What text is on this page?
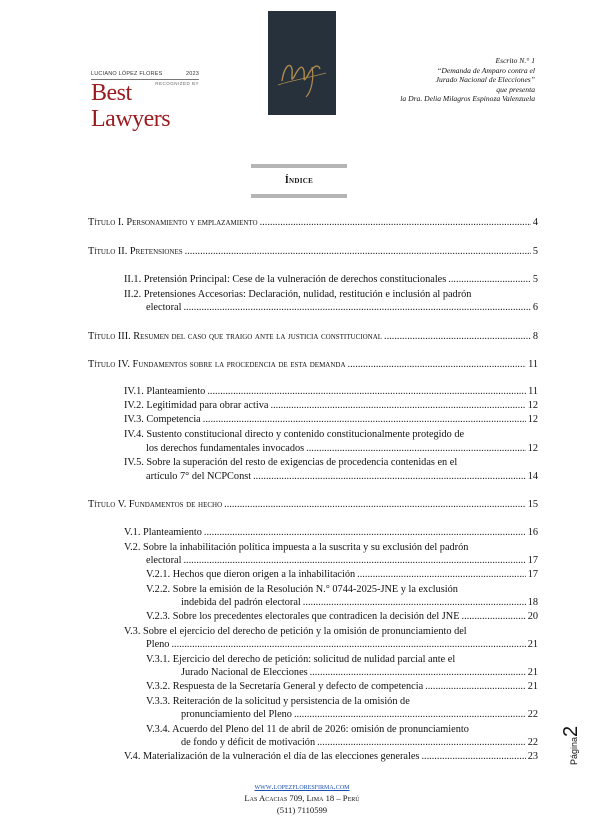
LUCIANO LÓPEZ FLORES	2023
RECOGNIZED BY
Best Lawyers
Escrito N.° 1
“Demanda de Amparo contra el
Jurado Nacional de Elecciones”
que presenta
la Dra. Delia Milagros Espinoza Valenzuela
Índice
Título I. Personamiento y emplazamiento .....	4
Título II. Pretensiones .....	5
II.1. Pretensión Principal: Cese de la vulneración de derechos constitucionales .....	5
II.2. Pretensiones Accesorias: Declaración, nulidad, restitución e inclusión al padrón
electoral .....	6
Título III. Resumen del caso que traigo ante la justicia constitucional .....	8
Título IV. Fundamentos sobre la procedencia de esta demanda .....	11
IV.1. Planteamiento .....	11
IV.2. Legitimidad para obrar activa .....	12
IV.3. Competencia .....	12
IV.4. Sustento constitucional directo y contenido constitucionalmente protegido de
los derechos fundamentales invocados .....	12
IV.5. Sobre la superación del resto de exigencias de procedencia contenidas en el
artículo 7° del NCPConst .....	14
Título V. Fundamentos de hecho .....	15
V.1. Planteamiento .....	16
V.2. Sobre la inhabilitación política impuesta a la suscrita y su exclusión del padrón
electoral .....	17
V.2.1. Hechos que dieron origen a la inhabilitación .....	17
V.2.2. Sobre la emisión de la Resolución N.° 0744-2025-JNE y la exclusión
indebida del padrón electoral .....	18
V.2.3. Sobre los precedentes electorales que contradicen la decisión del JNE .....	20
V.3. Sobre el ejercicio del derecho de petición y la omisión de pronunciamiento del
Pleno .....	21
V.3.1. Ejercicio del derecho de petición: solicitud de nulidad parcial ante el
Jurado Nacional de Elecciones .....	21
V.3.2. Respuesta de la Secretaría General y defecto de competencia .....	21
V.3.3. Reiteración de la solicitud y persistencia de la omisión de
pronunciamiento del Pleno .....	22
V.3.4. Acuerdo del Pleno del 11 de abril de 2026: omisión de pronunciamiento
de fondo y déficit de motivación .....	22
V.4. Materialización de la vulneración el día de las elecciones generales .....	23	Página2
www.lopezfloresfirma.com
Las Acacias 709, Lima 18 – Perú
(511) 7110599
